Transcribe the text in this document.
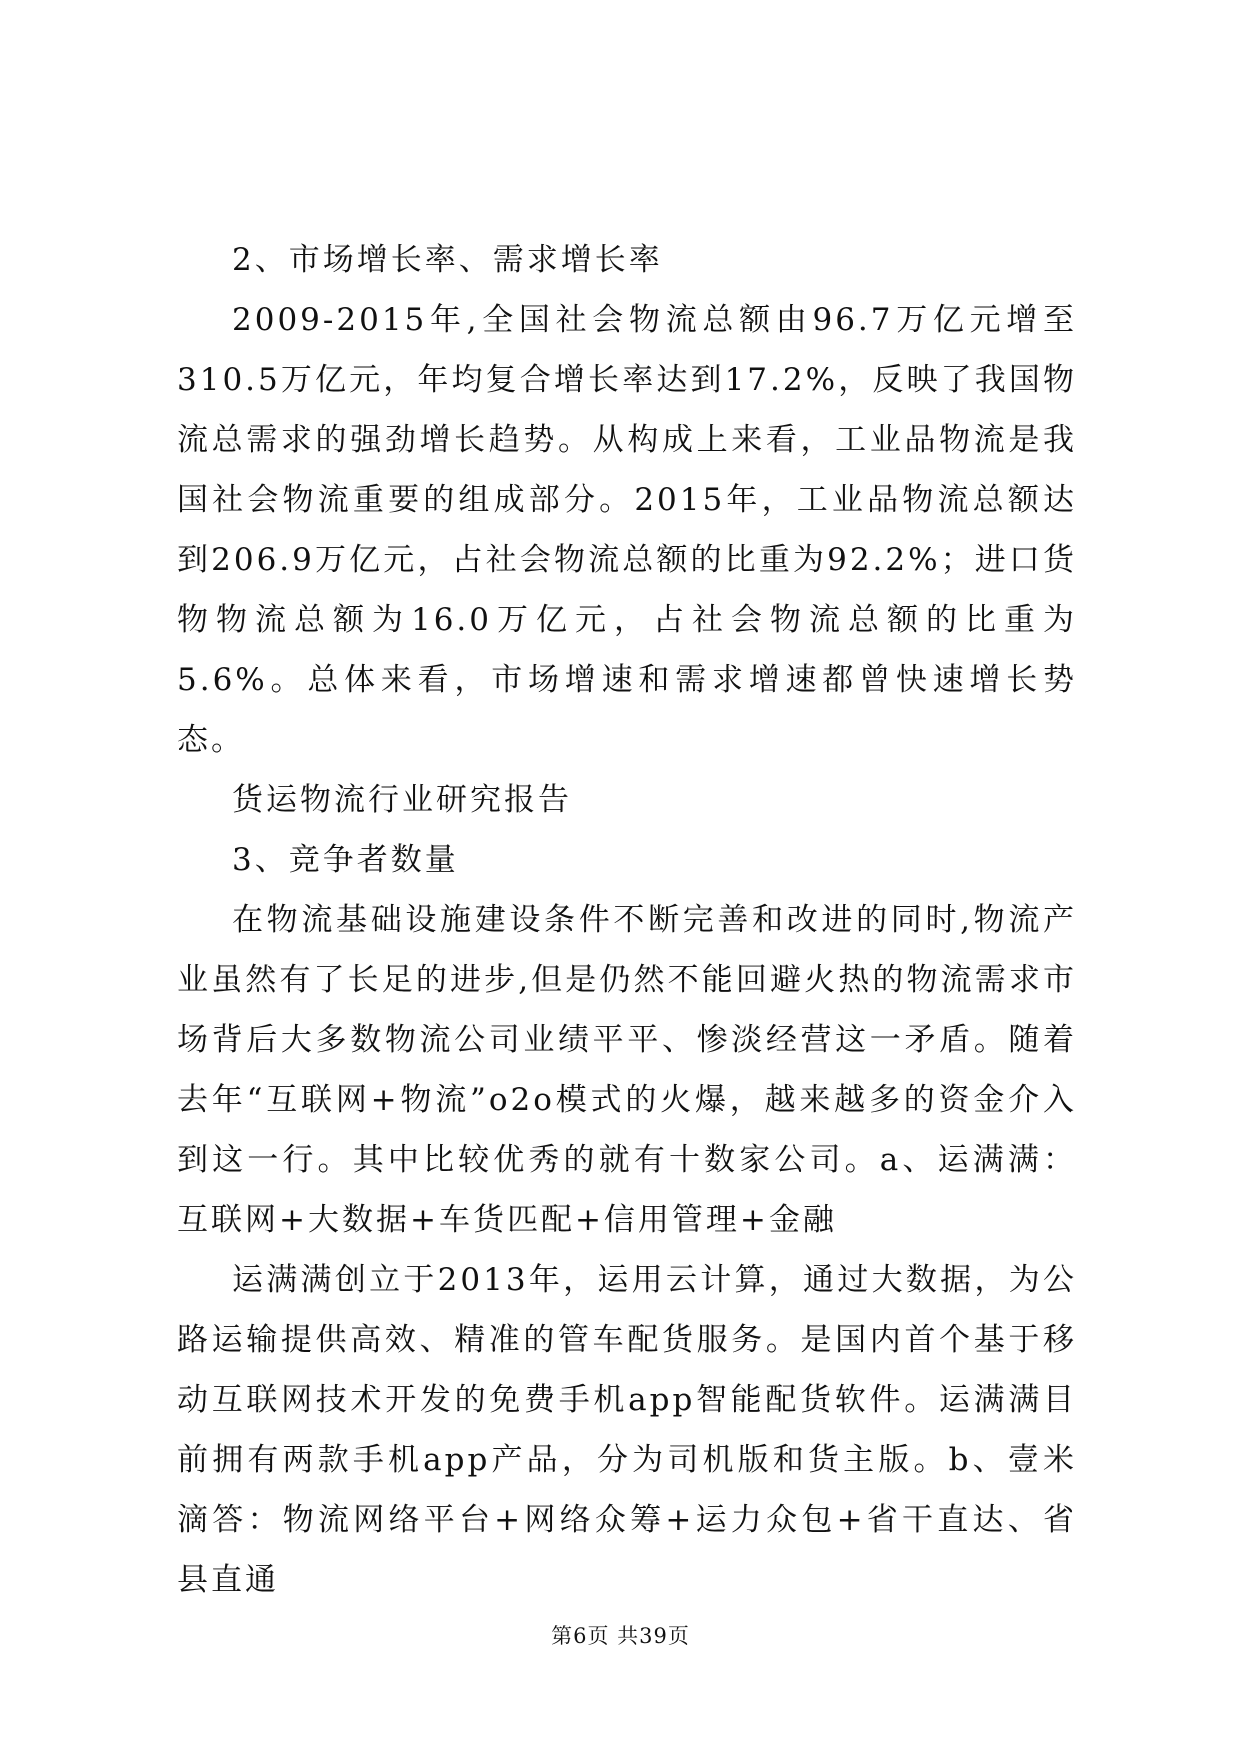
2、市场增长率、需求增长率

2009-2015年,全国社会物流总额由96.7万亿元增至310.5万亿元，年均复合增长率达到17.2%，反映了我国物流总需求的强劲增长趋势。从构成上来看，工业品物流是我国社会物流重要的组成部分。2015年，工业品物流总额达到206.9万亿元，占社会物流总额的比重为92.2%；进口货物物流总额为16.0万亿元，占社会物流总额的比重为5.6%。总体来看，市场增速和需求增速都曾快速增长势态。

货运物流行业研究报告

3、竞争者数量

在物流基础设施建设条件不断完善和改进的同时,物流产业虽然有了长足的进步,但是仍然不能回避火热的物流需求市场背后大多数物流公司业绩平平、惨淡经营这一矛盾。随着去年“互联网+物流”o2o模式的火爆，越来越多的资金介入到这一行。其中比较优秀的就有十数家公司。a、运满满：互联网+大数据+车货匹配+信用管理+金融

运满满创立于2013年，运用云计算，通过大数据，为公路运输提供高效、精准的管车配货服务。是国内首个基于移动互联网技术开发的免费手机app智能配货软件。运满满目前拥有两款手机app产品，分为司机版和货主版。b、壹米滴答：物流网络平台+网络众筹+运力众包+省干直达、省县直通

第6页 共39页
